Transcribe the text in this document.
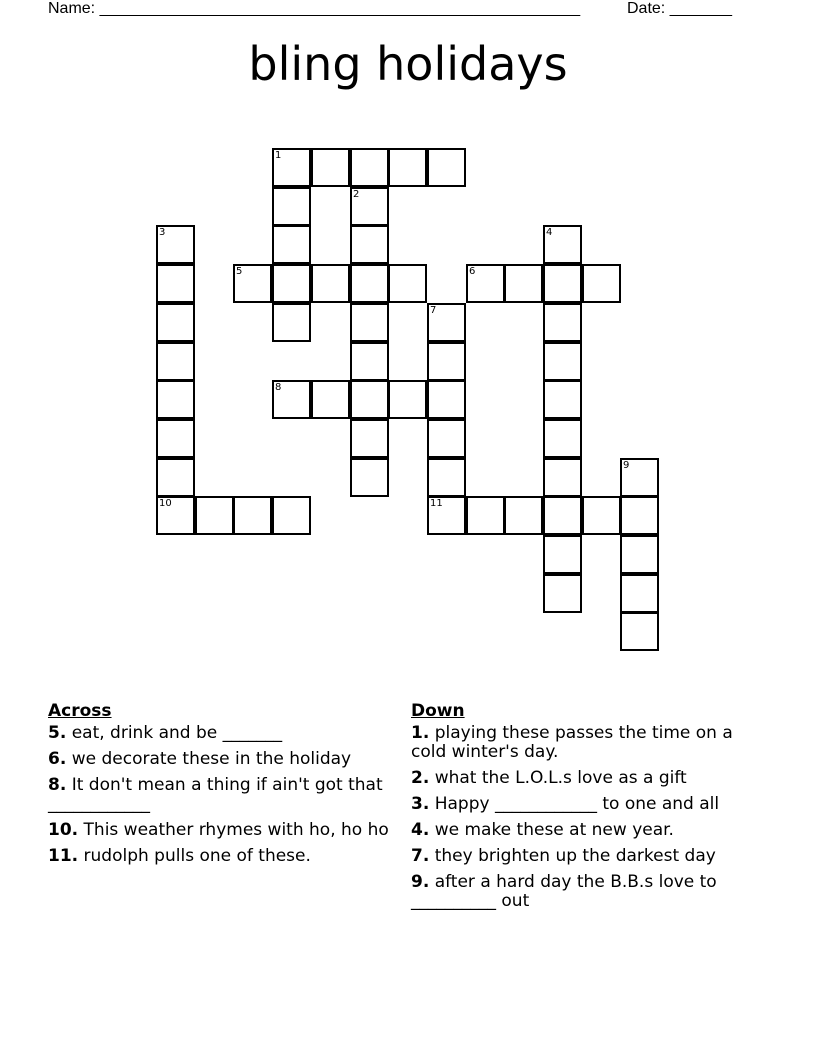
Name: ______________________________________________________	Date: _______
bling holidays
1
2
3	4
5	6
7
8
9
10	11
Across
5. eat, drink and be _______
6. we decorate these in the holiday
8. It don't mean a thing if ain't got that ____________
10. This weather rhymes with ho, ho ho
11. rudolph pulls one of these.
Down
1. playing these passes the time on a cold winter's day.
2. what the L.O.L.s love as a gift
3. Happy ____________ to one and all
4. we make these at new year.
7. they brighten up the darkest day
9. after a hard day the B.B.s love to __________ out
